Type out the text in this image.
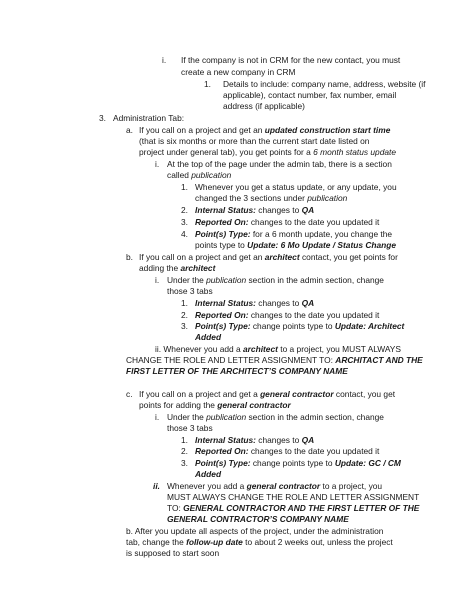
i. If the company is not in CRM for the new contact, you must
create a new company in CRM
1. Details to include: company name, address, website (if
applicable), contact number, fax number, email
address (if applicable)
3. Administration Tab:
a. If you call on a project and get an updated construction start time
(that is six months or more than the current start date listed on
project under general tab), you get points for a 6 month status update
i. At the top of the page under the admin tab, there is a section
called publication
1. Whenever you get a status update, or any update, you
changed the 3 sections under publication
2. Internal Status: changes to QA
3. Reported On: changes to the date you updated it
4. Point(s) Type: for a 6 month update, you change the
points type to Update: 6 Mo Update / Status Change
b. If you call on a project and get an architect contact, you get points for
adding the architect
i. Under the publication section in the admin section, change
those 3 tabs
1. Internal Status: changes to QA
2. Reported On: changes to the date you updated it
3. Point(s) Type: change points type to Update: Architect
Added
ii. Whenever you add a architect to a project, you MUST ALWAYS
CHANGE THE ROLE AND LETTER ASSIGNMENT TO: ARCHITACT AND THE
FIRST LETTER OF THE ARCHITECT’S COMPANY NAME
c. If you call on a project and get a general contractor contact, you get
points for adding the general contractor
i. Under the publication section in the admin section, change
those 3 tabs
1. Internal Status: changes to QA
2. Reported On: changes to the date you updated it
3. Point(s) Type: change points type to Update: GC / CM
Added
ii. Whenever you add a general contractor to a project, you
MUST ALWAYS CHANGE THE ROLE AND LETTER ASSIGNMENT
TO: GENERAL CONTRACTOR AND THE FIRST LETTER OF THE
GENERAL CONTRACTOR’S COMPANY NAME
b. After you update all aspects of the project, under the administration
tab, change the follow-up date to about 2 weeks out, unless the project
is supposed to start soon
